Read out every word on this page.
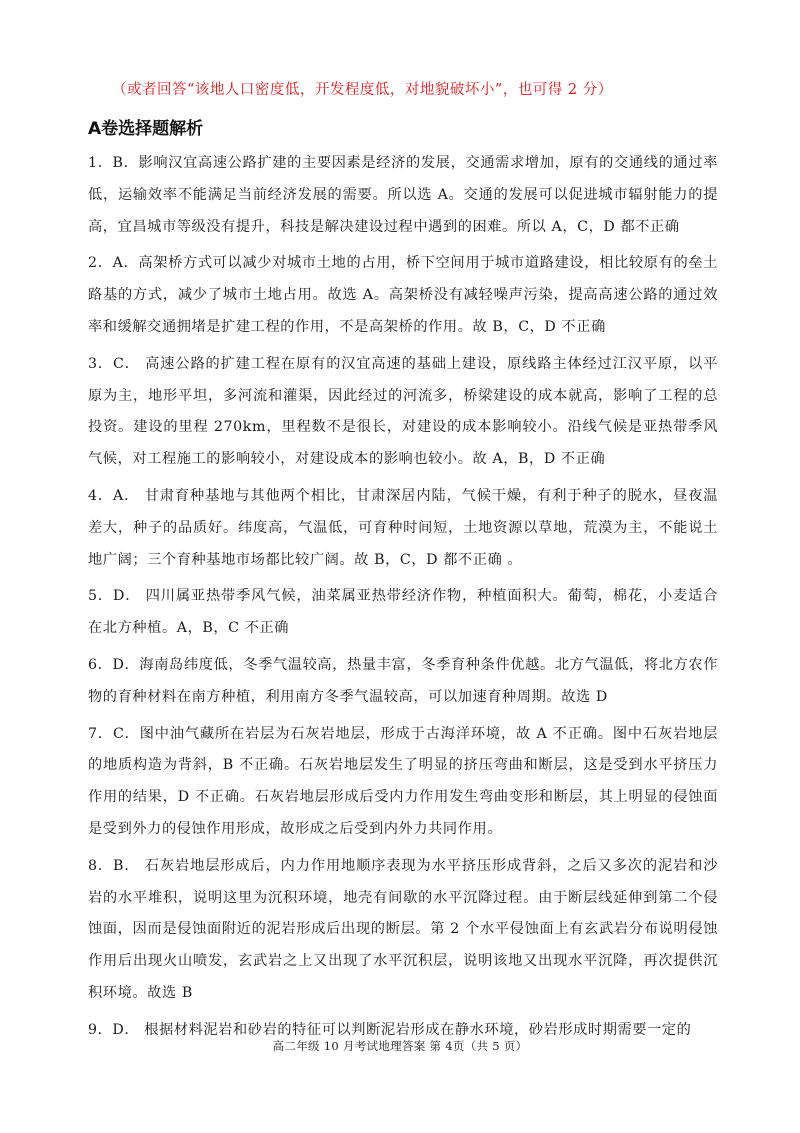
（或者回答“该地人口密度低，开发程度低，对地貌破坏小”，也可得 2 分）
A卷选择题解析
1．B．影响汉宜高速公路扩建的主要因素是经济的发展，交通需求增加，原有的交通线的通过率低，运输效率不能满足当前经济发展的需要。所以选 A。交通的发展可以促进城市辐射能力的提高，宜昌城市等级没有提升，科技是解决建设过程中遇到的困难。所以 A，C，D 都不正确
2．A．高架桥方式可以减少对城市土地的占用，桥下空间用于城市道路建设，相比较原有的垒土路基的方式，减少了城市土地占用。故选 A。高架桥没有减轻噪声污染，提高高速公路的通过效率和缓解交通拥堵是扩建工程的作用，不是高架桥的作用。故 B，C，D 不正确
3．C． 高速公路的扩建工程在原有的汉宜高速的基础上建设，原线路主体经过江汉平原，以平原为主，地形平坦，多河流和灌渠，因此经过的河流多，桥梁建设的成本就高，影响了工程的总投资。建设的里程 270km，里程数不是很长，对建设的成本影响较小。沿线气候是亚热带季风气候，对工程施工的影响较小，对建设成本的影响也较小。故 A，B，D 不正确
4．A． 甘肃育种基地与其他两个相比，甘肃深居内陆，气候干燥，有利于种子的脱水，昼夜温差大，种子的品质好。纬度高，气温低，可育种时间短，土地资源以草地，荒漠为主，不能说土地广阔；三个育种基地市场都比较广阔。故 B，C，D 都不正确 。
5．D． 四川属亚热带季风气候，油菜属亚热带经济作物，种植面积大。葡萄，棉花，小麦适合在北方种植。A，B，C 不正确
6．D．海南岛纬度低，冬季气温较高，热量丰富，冬季育种条件优越。北方气温低，将北方农作物的育种材料在南方种植，利用南方冬季气温较高，可以加速育种周期。故选 D
7．C．图中油气藏所在岩层为石灰岩地层，形成于古海洋环境，故 A 不正确。图中石灰岩地层的地质构造为背斜，B 不正确。石灰岩地层发生了明显的挤压弯曲和断层，这是受到水平挤压力作用的结果，D 不正确。石灰岩地层形成后受内力作用发生弯曲变形和断层，其上明显的侵蚀面是受到外力的侵蚀作用形成，故形成之后受到内外力共同作用。
8．B． 石灰岩地层形成后，内力作用地顺序表现为水平挤压形成背斜，之后又多次的泥岩和沙岩的水平堆积，说明这里为沉积环境，地壳有间歇的水平沉降过程。由于断层线延伸到第二个侵蚀面，因而是侵蚀面附近的泥岩形成后出现的断层。第 2 个水平侵蚀面上有玄武岩分布说明侵蚀作用后出现火山喷发，玄武岩之上又出现了水平沉积层，说明该地又出现水平沉降，再次提供沉积环境。故选 B
9．D． 根据材料泥岩和砂岩的特征可以判断泥岩形成在静水环境，砂岩形成时期需要一定的
高二年级 10 月考试地理答案 第 4页（共 5 页）
